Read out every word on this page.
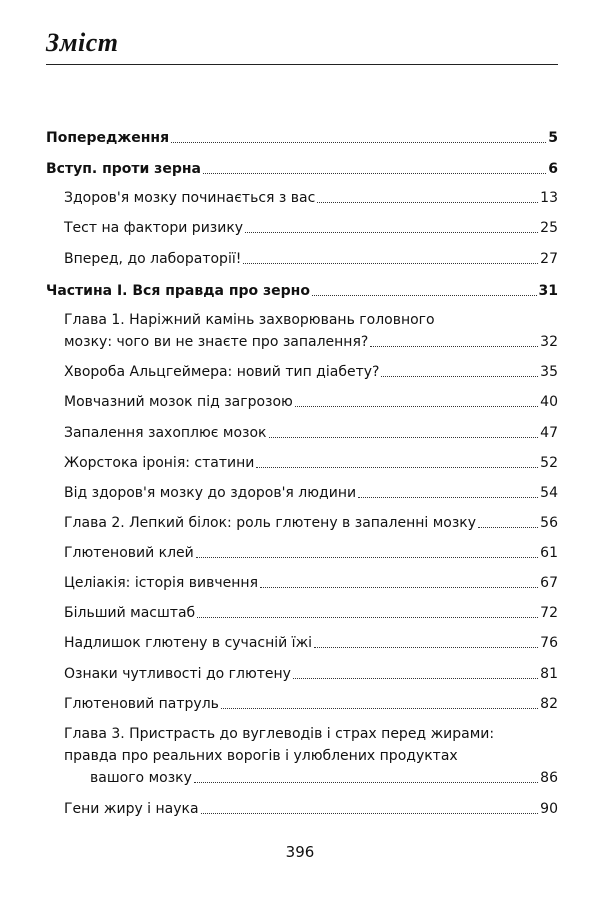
Зміст
Попередження	5
Вступ. проти зерна	6
Здоров'я мозку починається з вас	13
Тест на фактори ризику	25
Вперед, до лабораторії!	27
Частина І. Вся правда про зерно	31
Глава 1. Наріжний камінь захворювань головного
мозку: чого ви не знаєте про запалення?	32
Хвороба Альцгеймера: новий тип діабету?	35
Мовчазний мозок під загрозою	40
Запалення захоплює мозок	47
Жорстока іронія: статини	52
Від здоров'я мозку до здоров'я людини	54
Глава 2. Лепкий білок: роль глютену в запаленні мозку	56
Глютеновий клей	61
Целіакія: історія вивчення	67
Більший масштаб	72
Надлишок глютену в сучасній їжі	76
Ознаки чутливості до глютену	81
Глютеновий патруль	82
Глава 3. Пристрасть до вуглеводів і страх перед жирами:
правда про реальних ворогів і улюблених продуктах
вашого мозку	86
Гени жиру і наука	90
396
